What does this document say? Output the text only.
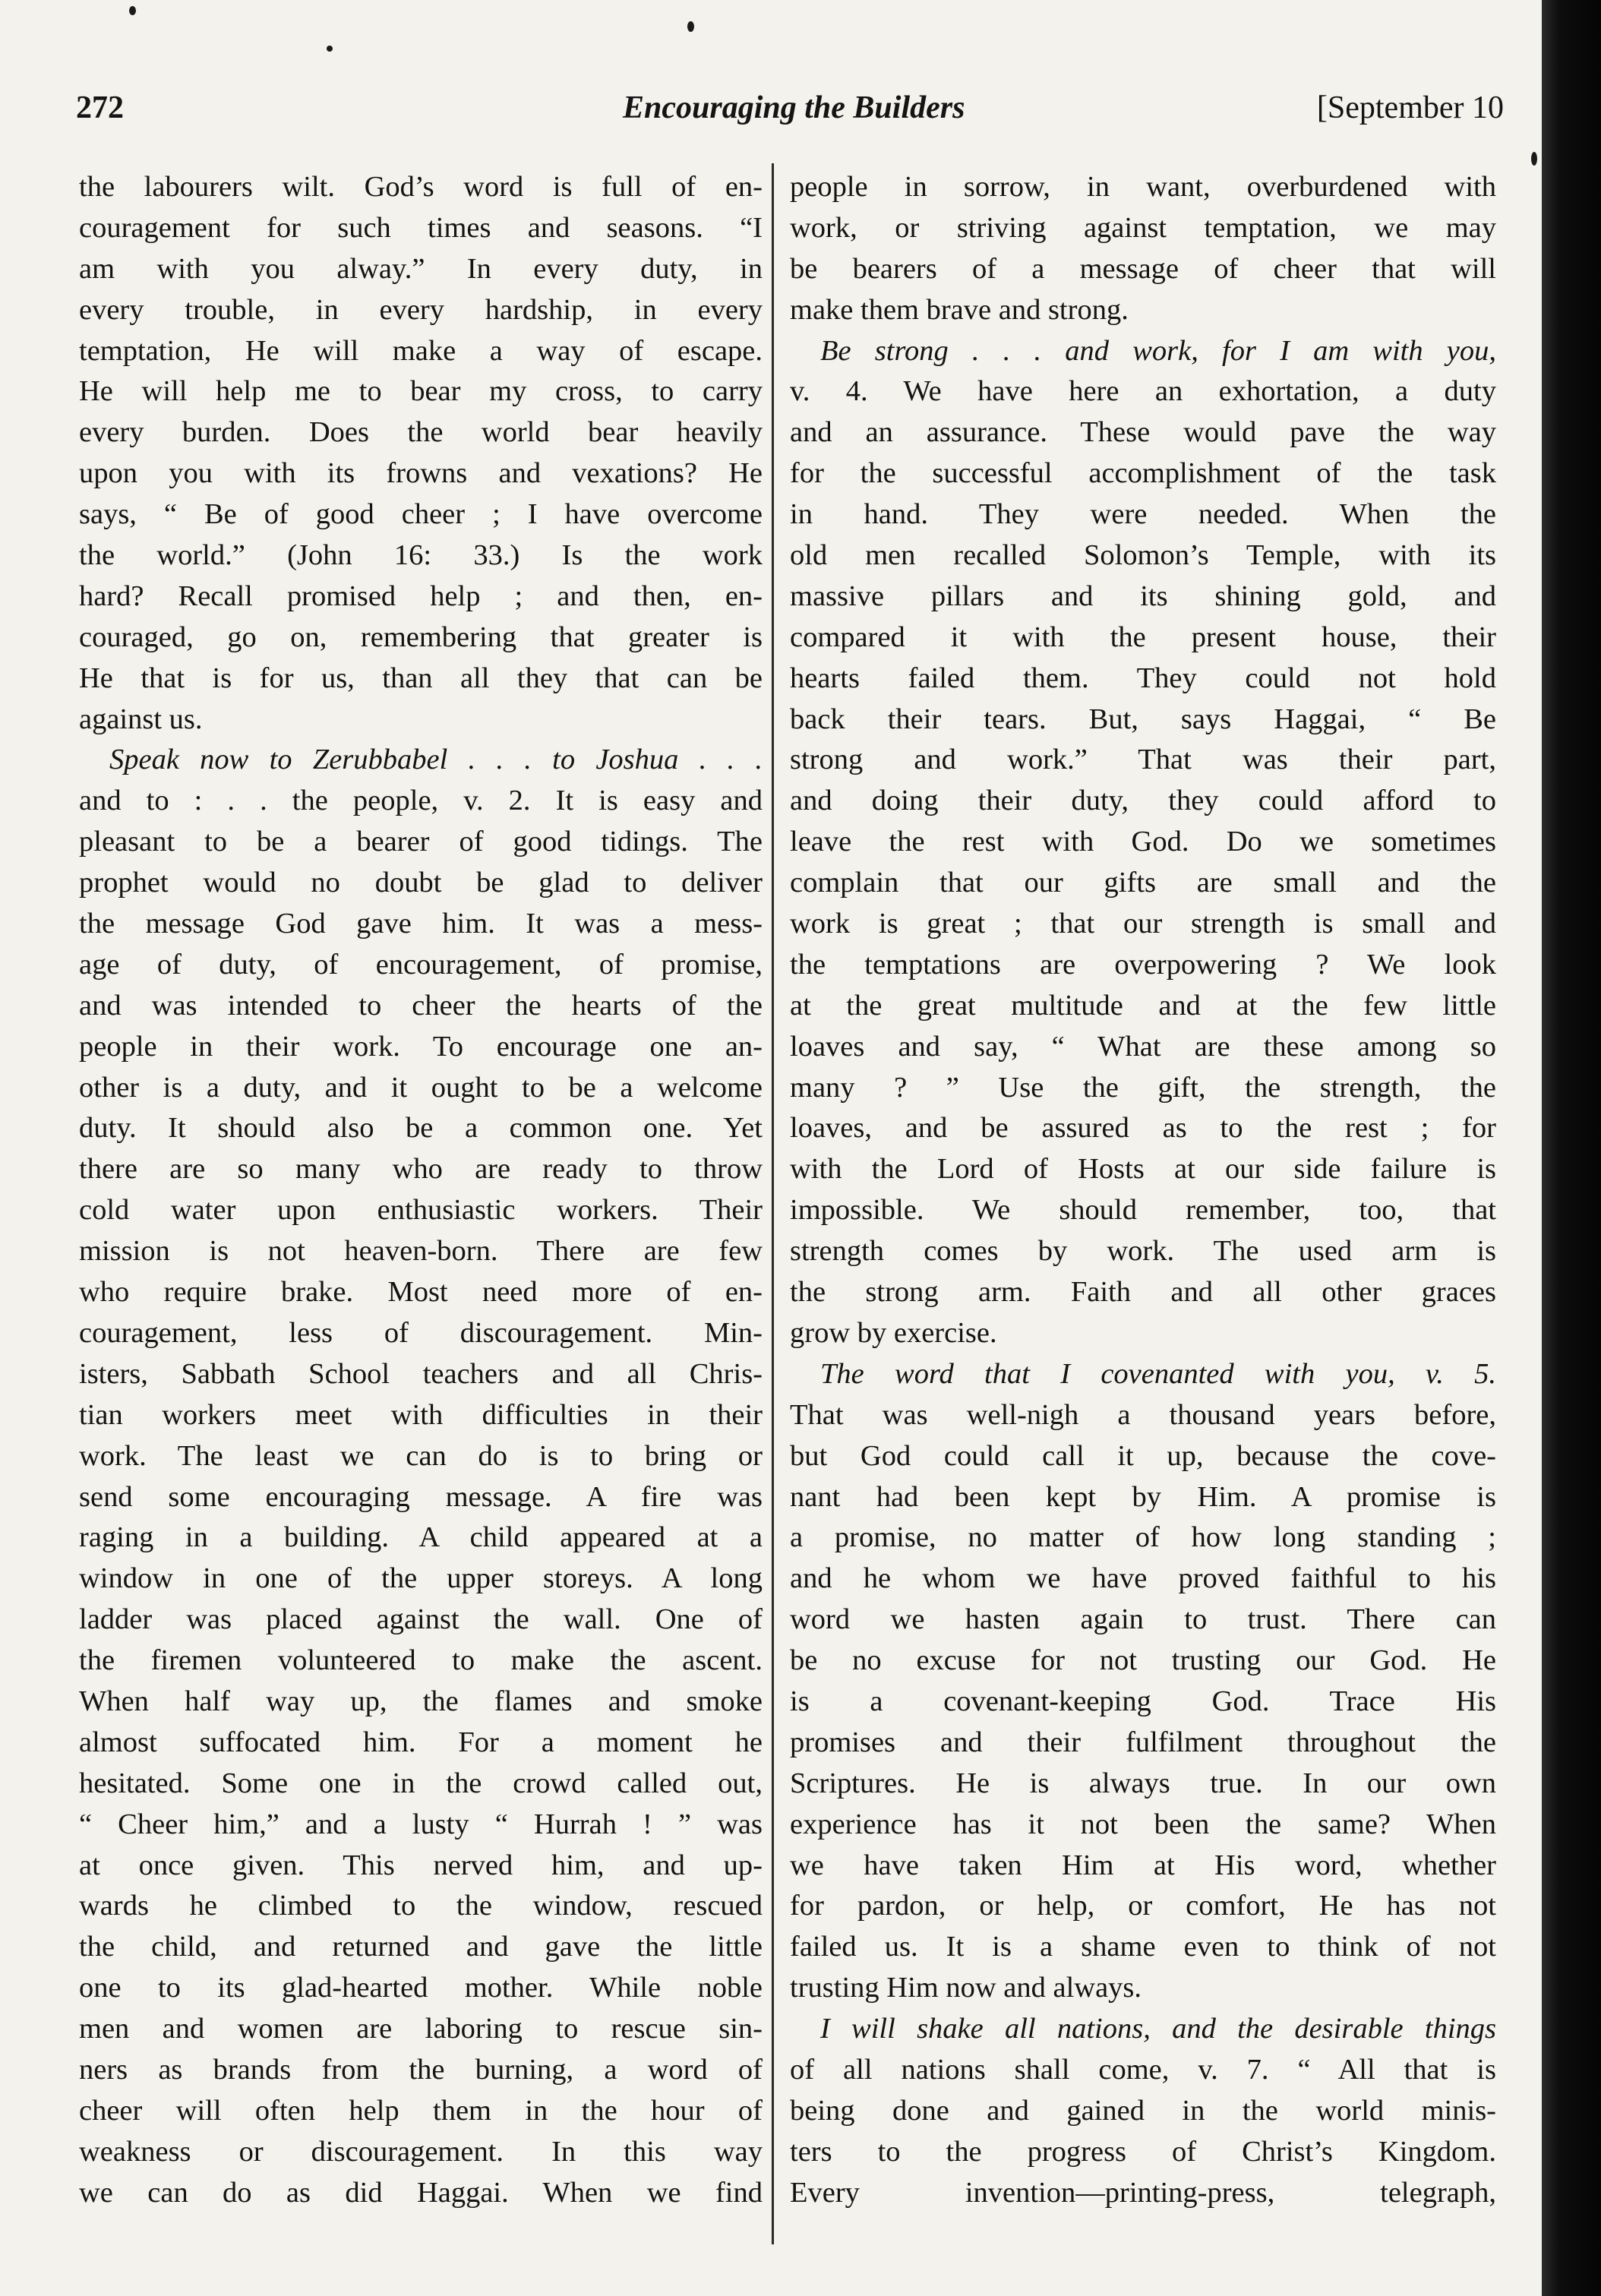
272	Encouraging the Builders	[September 10
the labourers wilt. God’s word is full of en-
couragement for such times and seasons. “I
am with you alway.” In every duty, in
every trouble, in every hardship, in every
temptation, He will make a way of escape.
He will help me to bear my cross, to carry
every burden. Does the world bear heavily
upon you with its frowns and vexations? He
says, “ Be of good cheer ; I have overcome
the world.” (John 16: 33.) Is the work
hard? Recall promised help ; and then, en-
couraged, go on, remembering that greater is
He that is for us, than all they that can be
against us.
Speak now to Zerubbabel . . . to Joshua . . .
and to : . . the people, v. 2. It is easy and
pleasant to be a bearer of good tidings. The
prophet would no doubt be glad to deliver
the message God gave him. It was a mess-
age of duty, of encouragement, of promise,
and was intended to cheer the hearts of the
people in their work. To encourage one an-
other is a duty, and it ought to be a welcome
duty. It should also be a common one. Yet
there are so many who are ready to throw
cold water upon enthusiastic workers. Their
mission is not heaven-born. There are few
who require brake. Most need more of en-
couragement, less of discouragement. Min-
isters, Sabbath School teachers and all Chris-
tian workers meet with difficulties in their
work. The least we can do is to bring or
send some encouraging message. A fire was
raging in a building. A child appeared at a
window in one of the upper storeys. A long
ladder was placed against the wall. One of
the firemen volunteered to make the ascent.
When half way up, the flames and smoke
almost suffocated him. For a moment he
hesitated. Some one in the crowd called out,
“ Cheer him,” and a lusty “ Hurrah ! ” was
at once given. This nerved him, and up-
wards he climbed to the window, rescued
the child, and returned and gave the little
one to its glad-hearted mother. While noble
men and women are laboring to rescue sin-
ners as brands from the burning, a word of
cheer will often help them in the hour of
weakness or discouragement. In this way
we can do as did Haggai. When we find
people in sorrow, in want, overburdened with
work, or striving against temptation, we may
be bearers of a message of cheer that will
make them brave and strong.
Be strong . . . and work, for I am with you,
v. 4. We have here an exhortation, a duty
and an assurance. These would pave the way
for the successful accomplishment of the task
in hand. They were needed. When the
old men recalled Solomon’s Temple, with its
massive pillars and its shining gold, and
compared it with the present house, their
hearts failed them. They could not hold
back their tears. But, says Haggai, “ Be
strong and work.” That was their part,
and doing their duty, they could afford to
leave the rest with God. Do we sometimes
complain that our gifts are small and the
work is great ; that our strength is small and
the temptations are overpowering ? We look
at the great multitude and at the few little
loaves and say, “ What are these among so
many ? ” Use the gift, the strength, the
loaves, and be assured as to the rest ; for
with the Lord of Hosts at our side failure is
impossible. We should remember, too, that
strength comes by work. The used arm is
the strong arm. Faith and all other graces
grow by exercise.
The word that I covenanted with you, v. 5.
That was well-nigh a thousand years before,
but God could call it up, because the cove-
nant had been kept by Him. A promise is
a promise, no matter of how long standing ;
and he whom we have proved faithful to his
word we hasten again to trust. There can
be no excuse for not trusting our God. He
is a covenant-keeping God. Trace His
promises and their fulfilment throughout the
Scriptures. He is always true. In our own
experience has it not been the same? When
we have taken Him at His word, whether
for pardon, or help, or comfort, He has not
failed us. It is a shame even to think of not
trusting Him now and always.
I will shake all nations, and the desirable things
of all nations shall come, v. 7. “ All that is
being done and gained in the world minis-
ters to the progress of Christ’s Kingdom.
Every invention—printing-press, telegraph,
